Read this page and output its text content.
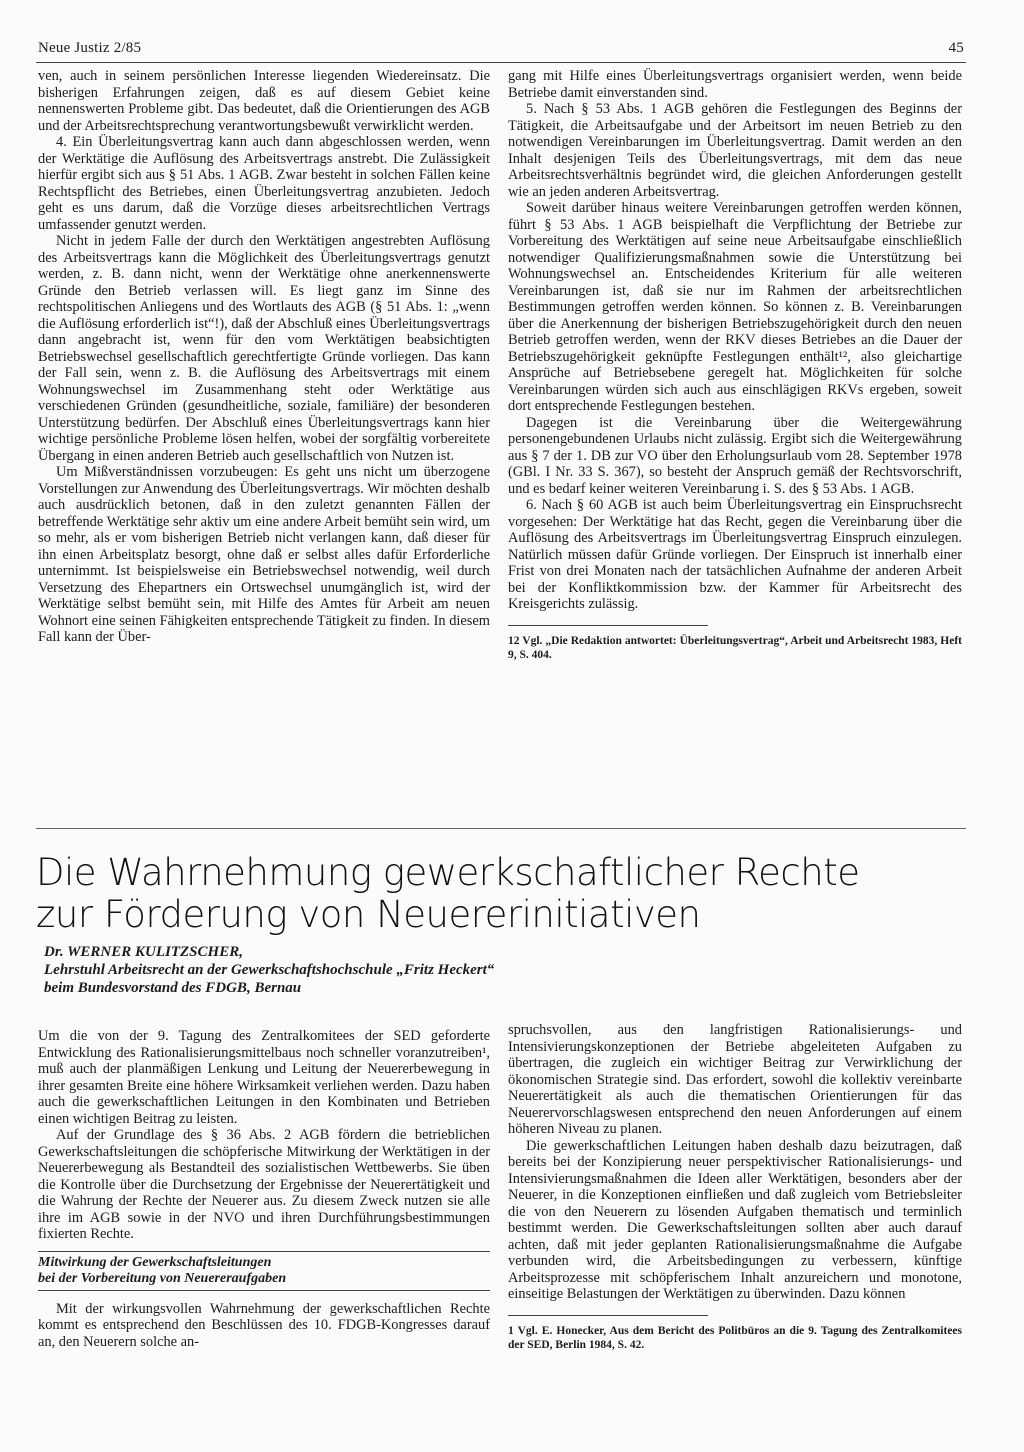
Neue Justiz 2/85	45

ven, auch in seinem persönlichen Interesse liegenden Wiedereinsatz. Die bisherigen Erfahrungen zeigen, daß es auf diesem Gebiet keine nennenswerten Probleme gibt. Das bedeutet, daß die Orientierungen des AGB und der Arbeitsrechtsprechung verantwortungsbewußt verwirklicht werden.

4. Ein Überleitungsvertrag kann auch dann abgeschlossen werden, wenn der Werktätige die Auflösung des Arbeitsvertrags anstrebt. Die Zulässigkeit hierfür ergibt sich aus § 51 Abs. 1 AGB. Zwar besteht in solchen Fällen keine Rechtspflicht des Betriebes, einen Überleitungsvertrag anzubieten. Jedoch geht es uns darum, daß die Vorzüge dieses arbeitsrechtlichen Vertrags umfassender genutzt werden.

Nicht in jedem Falle der durch den Werktätigen angestrebten Auflösung des Arbeitsvertrags kann die Möglichkeit des Überleitungsvertrags genutzt werden, z. B. dann nicht, wenn der Werktätige ohne anerkennenswerte Gründe den Betrieb verlassen will. Es liegt ganz im Sinne des rechtspolitischen Anliegens und des Wortlauts des AGB (§ 51 Abs. 1: „wenn die Auflösung erforderlich ist“!), daß der Abschluß eines Überleitungsvertrags dann angebracht ist, wenn für den vom Werktätigen beabsichtigten Betriebswechsel gesellschaftlich gerechtfertigte Gründe vorliegen. Das kann der Fall sein, wenn z. B. die Auflösung des Arbeitsvertrags mit einem Wohnungswechsel im Zusammenhang steht oder Werktätige aus verschiedenen Gründen (gesundheitliche, soziale, familiäre) der besonderen Unterstützung bedürfen. Der Abschluß eines Überleitungsvertrags kann hier wichtige persönliche Probleme lösen helfen, wobei der sorgfältig vorbereitete Übergang in einen anderen Betrieb auch gesellschaftlich von Nutzen ist.

Um Mißverständnissen vorzubeugen: Es geht uns nicht um überzogene Vorstellungen zur Anwendung des Überleitungsvertrags. Wir möchten deshalb auch ausdrücklich betonen, daß in den zuletzt genannten Fällen der betreffende Werktätige sehr aktiv um eine andere Arbeit bemüht sein wird, um so mehr, als er vom bisherigen Betrieb nicht verlangen kann, daß dieser für ihn einen Arbeitsplatz besorgt, ohne daß er selbst alles dafür Erforderliche unternimmt. Ist beispielsweise ein Betriebswechsel notwendig, weil durch Versetzung des Ehepartners ein Ortswechsel unumgänglich ist, wird der Werktätige selbst bemüht sein, mit Hilfe des Amtes für Arbeit am neuen Wohnort eine seinen Fähigkeiten entsprechende Tätigkeit zu finden. In diesem Fall kann der Über-

gang mit Hilfe eines Überleitungsvertrags organisiert werden, wenn beide Betriebe damit einverstanden sind.

5. Nach § 53 Abs. 1 AGB gehören die Festlegungen des Beginns der Tätigkeit, die Arbeitsaufgabe und der Arbeitsort im neuen Betrieb zu den notwendigen Vereinbarungen im Überleitungsvertrag. Damit werden an den Inhalt desjenigen Teils des Überleitungsvertrags, mit dem das neue Arbeitsrechtsverhältnis begründet wird, die gleichen Anforderungen gestellt wie an jeden anderen Arbeitsvertrag.

Soweit darüber hinaus weitere Vereinbarungen getroffen werden können, führt § 53 Abs. 1 AGB beispielhaft die Verpflichtung der Betriebe zur Vorbereitung des Werktätigen auf seine neue Arbeitsaufgabe einschließlich notwendiger Qualifizierungsmaßnahmen sowie die Unterstützung bei Wohnungswechsel an. Entscheidendes Kriterium für alle weiteren Vereinbarungen ist, daß sie nur im Rahmen der arbeitsrechtlichen Bestimmungen getroffen werden können. So können z. B. Vereinbarungen über die Anerkennung der bisherigen Betriebszugehörigkeit durch den neuen Betrieb getroffen werden, wenn der RKV dieses Betriebes an die Dauer der Betriebszugehörigkeit geknüpfte Festlegungen enthält¹², also gleichartige Ansprüche auf Betriebsebene geregelt hat. Möglichkeiten für solche Vereinbarungen würden sich auch aus einschlägigen RKVs ergeben, soweit dort entsprechende Festlegungen bestehen.

Dagegen ist die Vereinbarung über die Weitergewährung personengebundenen Urlaubs nicht zulässig. Ergibt sich die Weitergewährung aus § 7 der 1. DB zur VO über den Erholungsurlaub vom 28. September 1978 (GBl. I Nr. 33 S. 367), so besteht der Anspruch gemäß der Rechtsvorschrift, und es bedarf keiner weiteren Vereinbarung i. S. des § 53 Abs. 1 AGB.

6. Nach § 60 AGB ist auch beim Überleitungsvertrag ein Einspruchsrecht vorgesehen: Der Werktätige hat das Recht, gegen die Vereinbarung über die Auflösung des Arbeitsvertrags im Überleitungsvertrag Einspruch einzulegen. Natürlich müssen dafür Gründe vorliegen. Der Einspruch ist innerhalb einer Frist von drei Monaten nach der tatsächlichen Aufnahme der anderen Arbeit bei der Konfliktkommission bzw. der Kammer für Arbeitsrecht des Kreisgerichts zulässig.

12 Vgl. „Die Redaktion antwortet: Überleitungsvertrag“, Arbeit und Arbeitsrecht 1983, Heft 9, S. 404.

Die Wahrnehmung gewerkschaftlicher Rechte
zur Förderung von Neuererinitiativen
Dr. WERNER KULITZSCHER,
Lehrstuhl Arbeitsrecht an der Gewerkschaftshochschule „Fritz Heckert“
beim Bundesvorstand des FDGB, Bernau

Um die von der 9. Tagung des Zentralkomitees der SED geforderte Entwicklung des Rationalisierungsmittelbaus noch schneller voranzutreiben¹, muß auch der planmäßigen Lenkung und Leitung der Neuererbewegung in ihrer gesamten Breite eine höhere Wirksamkeit verliehen werden. Dazu haben auch die gewerkschaftlichen Leitungen in den Kombinaten und Betrieben einen wichtigen Beitrag zu leisten.

Auf der Grundlage des § 36 Abs. 2 AGB fördern die betrieblichen Gewerkschaftsleitungen die schöpferische Mitwirkung der Werktätigen in der Neuererbewegung als Bestandteil des sozialistischen Wettbewerbs. Sie üben die Kontrolle über die Durchsetzung der Ergebnisse der Neuerertätigkeit und die Wahrung der Rechte der Neuerer aus. Zu diesem Zweck nutzen sie alle ihre im AGB sowie in der NVO und ihren Durchführungsbestimmungen fixierten Rechte.

Mitwirkung der Gewerkschaftsleitungen
bei der Vorbereitung von Neuereraufgaben

Mit der wirkungsvollen Wahrnehmung der gewerkschaftlichen Rechte kommt es entsprechend den Beschlüssen des 10. FDGB-Kongresses darauf an, den Neuerern solche an-

spruchsvollen, aus den langfristigen Rationalisierungs- und Intensivierungskonzeptionen der Betriebe abgeleiteten Aufgaben zu übertragen, die zugleich ein wichtiger Beitrag zur Verwirklichung der ökonomischen Strategie sind. Das erfordert, sowohl die kollektiv vereinbarte Neuerertätigkeit als auch die thematischen Orientierungen für das Neuerervorschlagswesen entsprechend den neuen Anforderungen auf einem höheren Niveau zu planen.

Die gewerkschaftlichen Leitungen haben deshalb dazu beizutragen, daß bereits bei der Konzipierung neuer perspektivischer Rationalisierungs- und Intensivierungsmaßnahmen die Ideen aller Werktätigen, besonders aber der Neuerer, in die Konzeptionen einfließen und daß zugleich vom Betriebsleiter die von den Neuerern zu lösenden Aufgaben thematisch und terminlich bestimmt werden. Die Gewerkschaftsleitungen sollten aber auch darauf achten, daß mit jeder geplanten Rationalisierungsmaßnahme die Aufgabe verbunden wird, die Arbeitsbedingungen zu verbessern, künftige Arbeitsprozesse mit schöpferischem Inhalt anzureichern und monotone, einseitige Belastungen der Werktätigen zu überwinden. Dazu können

1 Vgl. E. Honecker, Aus dem Bericht des Politbüros an die 9. Tagung des Zentralkomitees der SED, Berlin 1984, S. 42.
